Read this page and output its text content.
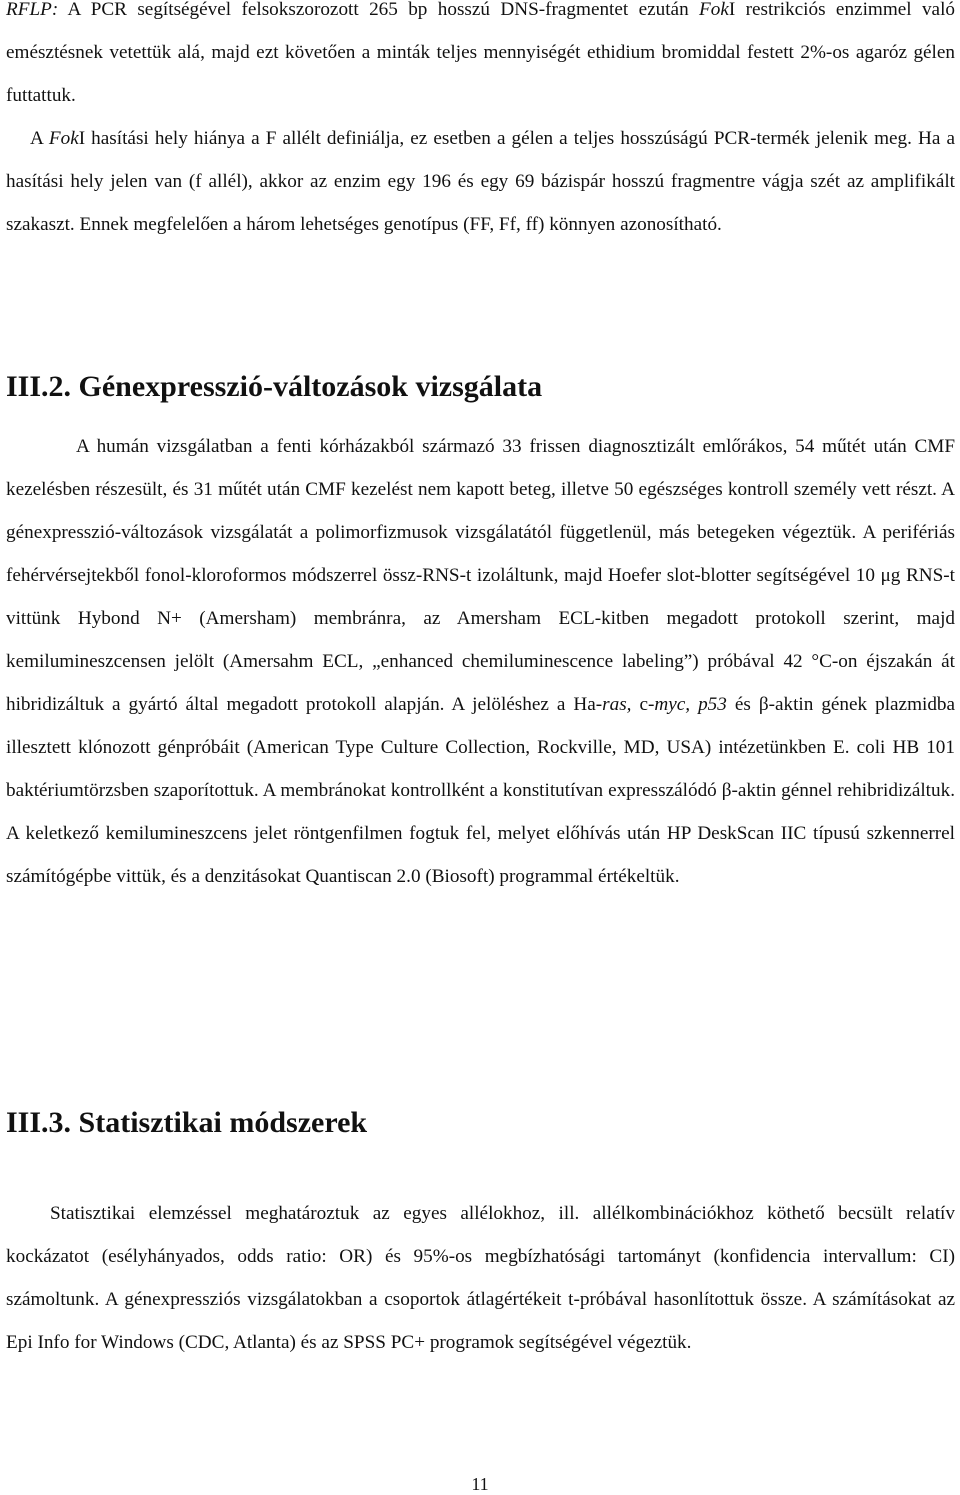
RFLP: A PCR segítségével felsokszorozott 265 bp hosszú DNS-fragmentet ezután FokI restrikciós enzimmel való emésztésnek vetettük alá, majd ezt követően a minták teljes mennyiségét ethidium bromiddal festett 2%-os agaróz gélen futtattuk.
A FokI hasítási hely hiánya a F allélt definiálja, ez esetben a gélen a teljes hosszúságú PCR-termék jelenik meg. Ha a hasítási hely jelen van (f allél), akkor az enzim egy 196 és egy 69 bázispár hosszú fragmentre vágja szét az amplifikált szakaszt. Ennek megfelelően a három lehetséges genotípus (FF, Ff, ff) könnyen azonosítható.

III.2. Génexpresszió-változások vizsgálata

A humán vizsgálatban a fenti kórházakból származó 33 frissen diagnosztizált emlőrákos, 54 műtét után CMF kezelésben részesült, és 31 műtét után CMF kezelést nem kapott beteg, illetve 50 egészséges kontroll személy vett részt. A génexpresszió-változások vizsgálatát a polimorfizmusok vizsgálatától függetlenül, más betegeken végeztük. A perifériás fehérvérsejtekből fonol-kloroformos módszerrel össz-RNS-t izoláltunk, majd Hoefer slot-blotter segítségével 10 μg RNS-t vittünk Hybond N+ (Amersham) membránra, az Amersham ECL-kitben megadott protokoll szerint, majd kemilumineszcensen jelölt (Amersahm ECL, „enhanced chemiluminescence labeling”) próbával 42 °C-on éjszakán át hibridizáltuk a gyártó által megadott protokoll alapján. A jelöléshez a Ha-ras, c-myc, p53 és β-aktin gének plazmidba illesztett klónozott génpróbáit (American Type Culture Collection, Rockville, MD, USA) intézetünkben E. coli HB 101 baktériumtörzsben szaporítottuk. A membránokat kontrollként a konstitutívan expresszálódó β-aktin génnel rehibridizáltuk. A keletkező kemilumineszcens jelet röntgenfilmen fogtuk fel, melyet előhívás után HP DeskScan IIC típusú szkennerrel számítógépbe vittük, és a denzitásokat Quantiscan 2.0 (Biosoft) programmal értékeltük.

III.3. Statisztikai módszerek

Statisztikai elemzéssel meghatároztuk az egyes allélokhoz, ill. allélkombinációkhoz köthető becsült relatív kockázatot (esélyhányados, odds ratio: OR) és 95%-os megbízhatósági tartományt (konfidencia intervallum: CI) számoltunk. A génexpressziós vizsgálatokban a csoportok átlagértékeit t-próbával hasonlítottuk össze. A számításokat az Epi Info for Windows (CDC, Atlanta) és az SPSS PC+ programok segítségével végeztük.

11
